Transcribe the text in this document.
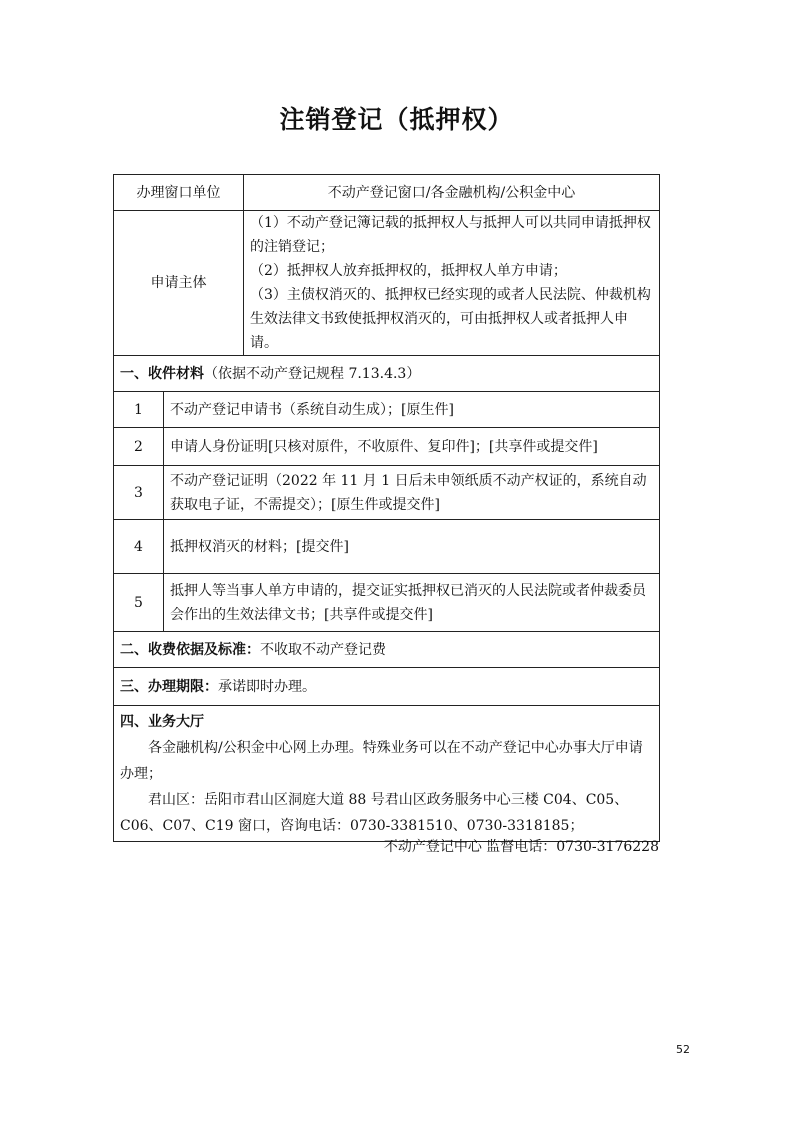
注销登记（抵押权）
办理窗口单位		不动产登记窗口/各金融机构/公积金中心
申请主体		（1）不动产登记簿记载的抵押权人与抵押人可以共同申请抵押权的注销登记；
（2）抵押权人放弃抵押权的，抵押权人单方申请；
（3）主债权消灭的、抵押权已经实现的或者人民法院、仲裁机构生效法律文书致使抵押权消灭的，可由抵押权人或者抵押人申请。

一、收件材料（依据不动产登记规程 7.13.4.3）		
1	不动产登记申请书（系统自动生成）；[原生件]	
2	申请人身份证明[只核对原件，不收原件、复印件]；[共享件或提交件]	
3	不动产登记证明（2022 年 11 月 1 日后未申领纸质不动产权证的，系统自动获取电子证，不需提交）；[原生件或提交件]	
4	抵押权消灭的材料；[提交件]	
5	抵押人等当事人单方申请的，提交证实抵押权已消灭的人民法院或者仲裁委员会作出的生效法律文书；[共享件或提交件]	
二、收费依据及标准：不收取不动产登记费		
三、办理期限：承诺即时办理。		

四、业务大厅
各金融机构/公积金中心网上办理。特殊业务可以在不动产登记中心办事大厅申请办理；
君山区：岳阳市君山区洞庭大道 88 号君山区政务服务中心三楼 C04、C05、C06、C07、C19 窗口，咨询电话：0730-3381510、0730-3318185；		
不动产登记中心 监督电话：0730-3176228
52
